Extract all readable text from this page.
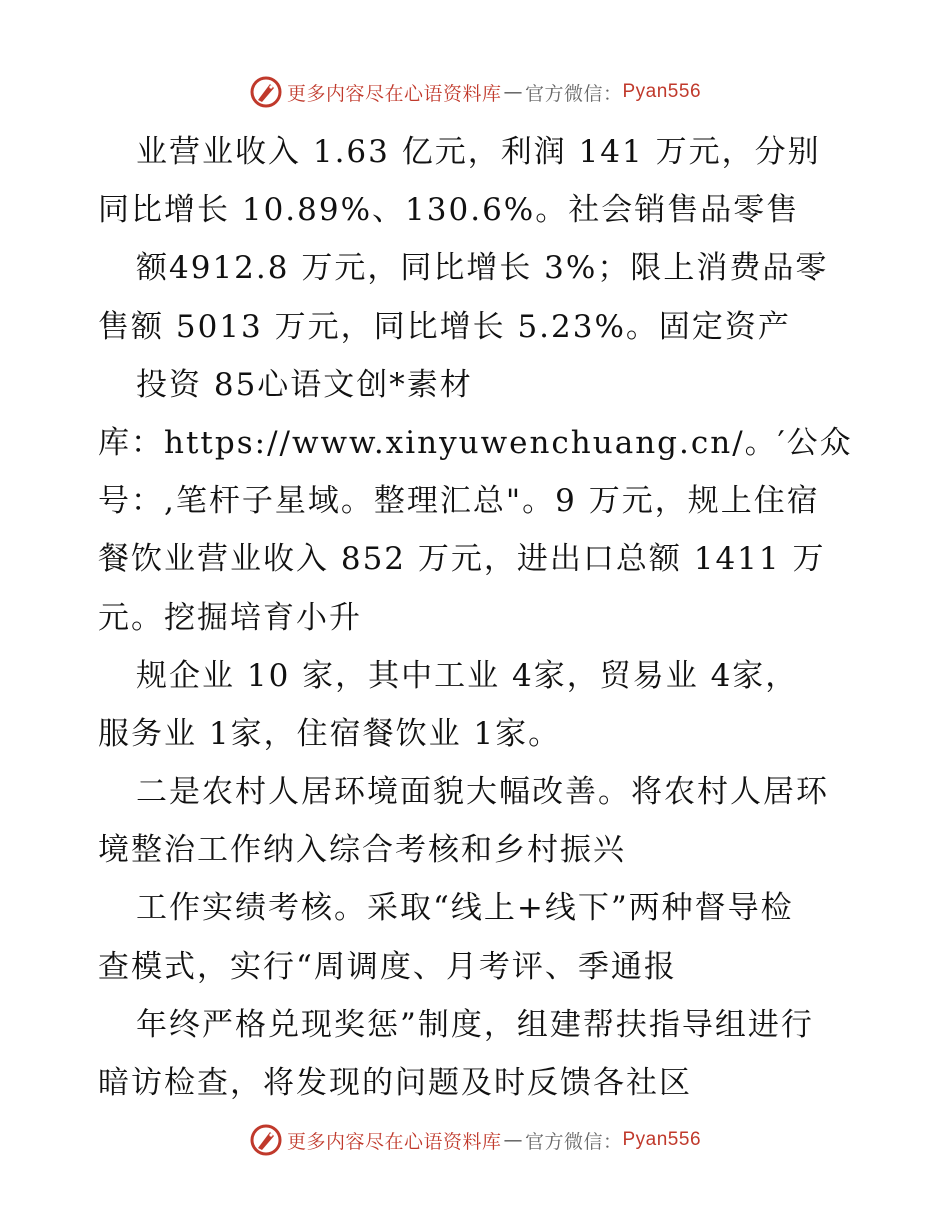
更多内容尽在心语资料库 — 官方微信： Pyan556
业营业收入 1.63 亿元，利润 141 万元，分别
同比增长 10.89%、130.6%。社会销售品零售
额4912.8 万元，同比增长 3%；限上消费品零
售额 5013 万元，同比增长 5.23%。固定资产
投资 85心语文创*素材
库：https://www.xinyuwenchuang.cn/。′公众
号：,笔杆子星域。整理汇总"。9 万元，规上住宿
餐饮业营业收入 852 万元，进出口总额 1411 万
元。挖掘培育小升
规企业 10 家，其中工业 4家，贸易业 4家，
服务业 1家，住宿餐饮业 1家。
二是农村人居环境面貌大幅改善。将农村人居环
境整治工作纳入综合考核和乡村振兴
工作实绩考核。采取“线上+线下”两种督导检
查模式，实行“周调度、月考评、季通报
年终严格兑现奖惩”制度，组建帮扶指导组进行
暗访检查，将发现的问题及时反馈各社区
更多内容尽在心语资料库 — 官方微信： Pyan556
